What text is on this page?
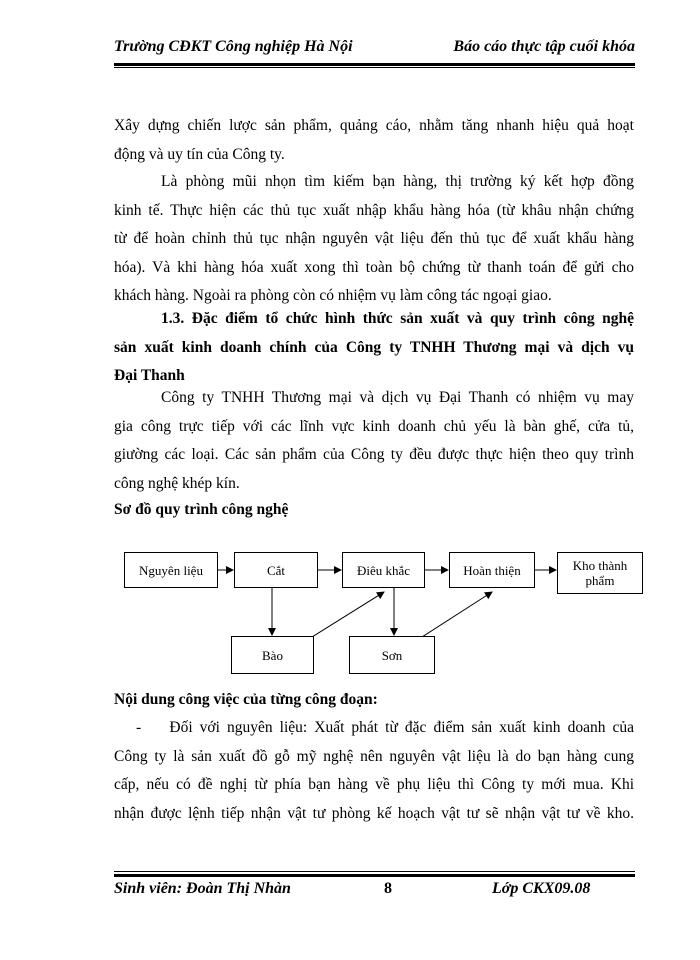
Trường CĐKT Công nghiệp Hà Nội	Báo cáo thực tập cuối khóa
Xây dựng chiến lược sản phẩm, quảng cáo, nhằm tăng nhanh hiệu quả hoạt
động và uy tín của Công ty.
Là phòng mũi nhọn tìm kiếm bạn hàng, thị trường ký kết hợp đồng
kinh tế. Thực hiện các thủ tục xuất nhập khẩu hàng hóa (từ khâu nhận chứng
từ để hoàn chỉnh thủ tục nhận nguyên vật liệu đến thủ tục để xuất khẩu hàng
hóa). Và khi hàng hóa xuất xong thì toàn bộ chứng từ thanh toán để gửi cho
khách hàng. Ngoài ra phòng còn có nhiệm vụ làm công tác ngoại giao.
1.3. Đặc điểm tổ chức hình thức sản xuất và quy trình công nghệ
sản xuất kinh doanh chính của Công ty TNHH Thương mại và dịch vụ
Đại Thanh
Công ty TNHH Thương mại và dịch vụ Đại Thanh có nhiệm vụ may
gia công trực tiếp với các lĩnh vực kinh doanh chủ yếu là bàn ghế, cửa tủ,
giường các loại. Các sản phẩm của Công ty đều được thực hiện theo quy trình
công nghệ khép kín.
Sơ đồ quy trình công nghệ
Nguyên liệu	Cắt	Điêu khắc	Hoàn thiện	Kho thành phẩm
Bào	Sơn
Nội dung công việc của từng công đoạn:
- Đối với nguyên liệu: Xuất phát từ đặc điểm sản xuất kinh doanh của
Công ty là sản xuất đồ gỗ mỹ nghệ nên nguyên vật liệu là do bạn hàng cung
cấp, nếu có đề nghị từ phía bạn hàng về phụ liệu thì Công ty mới mua. Khi
nhận được lệnh tiếp nhận vật tư phòng kế hoạch vật tư sẽ nhận vật tư về kho.
Sinh viên: Đoàn Thị Nhàn	8	Lớp CKX09.08
